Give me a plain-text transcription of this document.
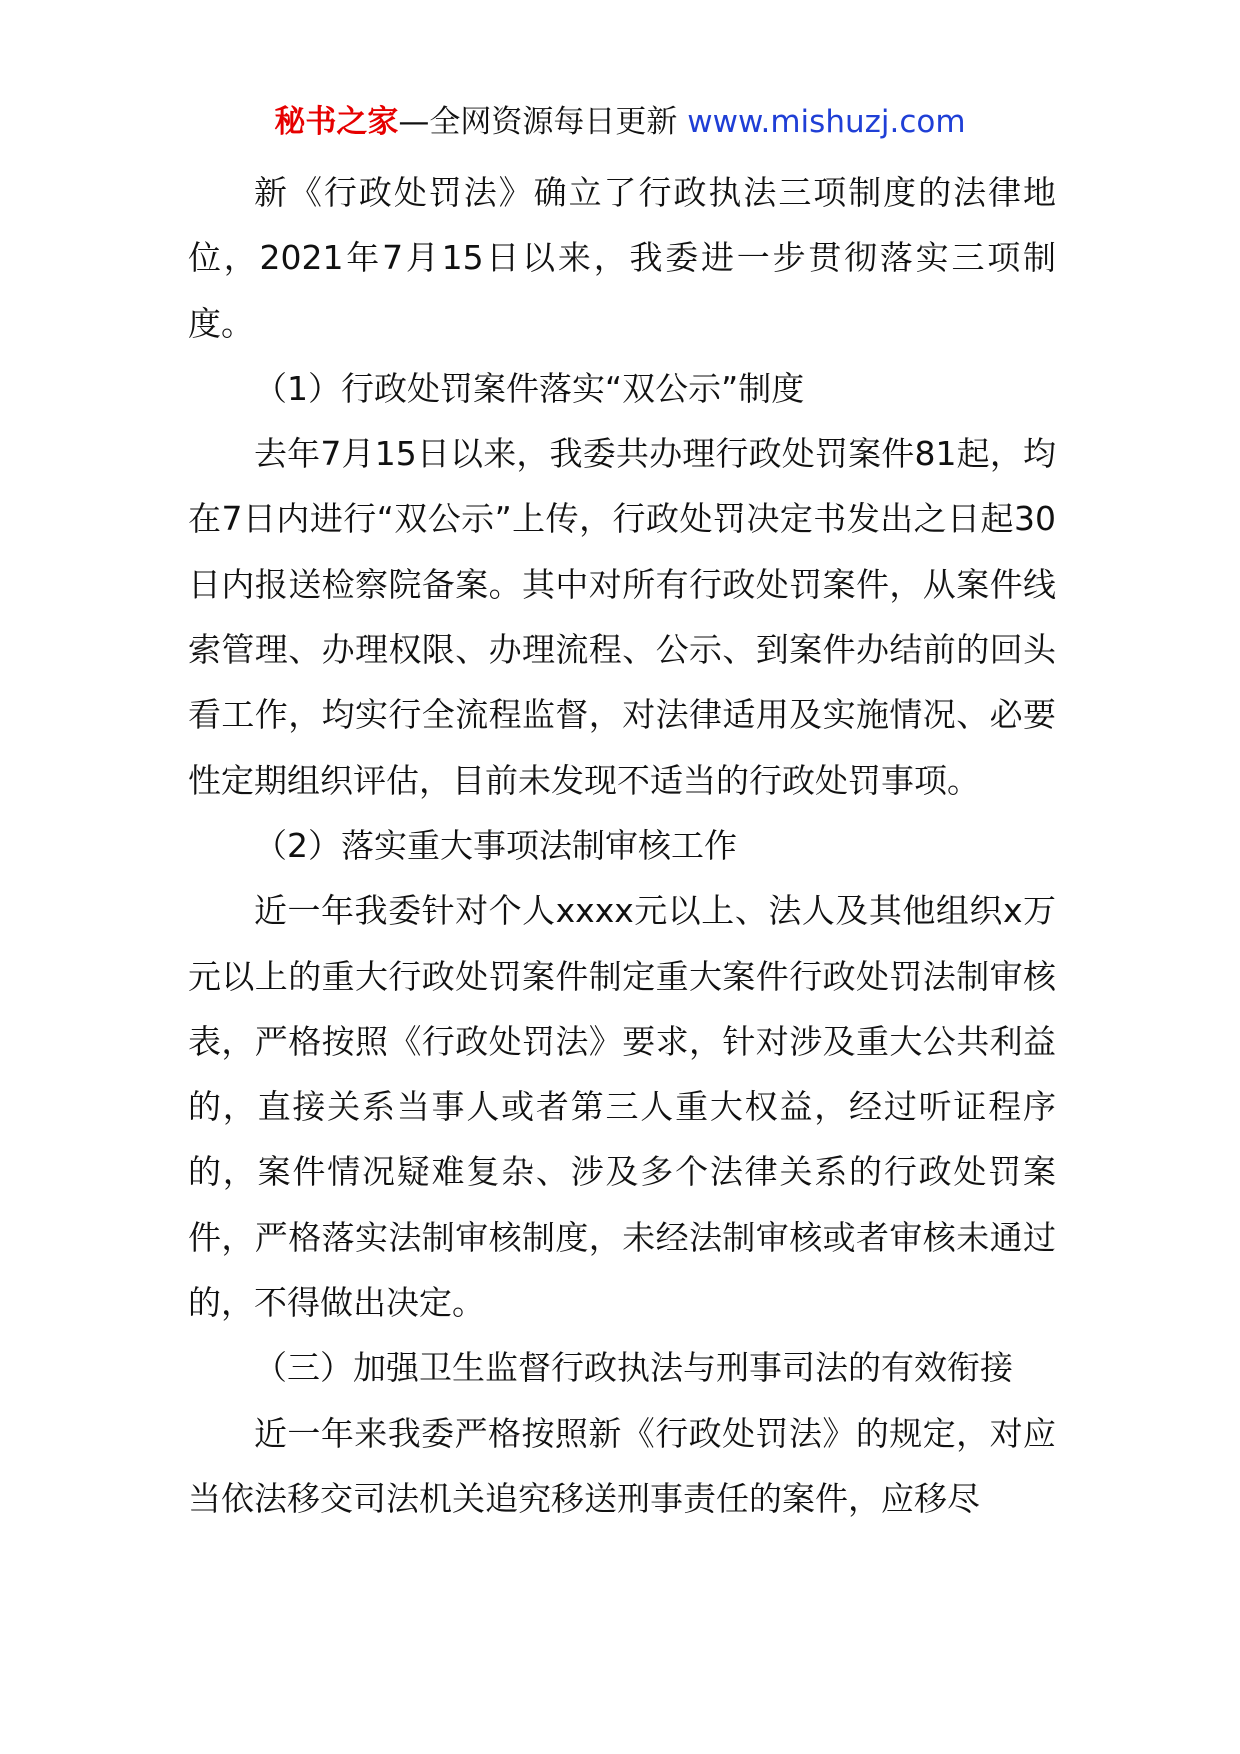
秘书之家—全网资源每日更新 www.mishuzj.com

新《行政处罚法》确立了行政执法三项制度的法律地位，2021年7月15日以来，我委进一步贯彻落实三项制度。

（1）行政处罚案件落实“双公示”制度

去年7月15日以来，我委共办理行政处罚案件81起，均在7日内进行“双公示”上传，行政处罚决定书发出之日起30日内报送检察院备案。其中对所有行政处罚案件，从案件线索管理、办理权限、办理流程、公示、到案件办结前的回头看工作，均实行全流程监督，对法律适用及实施情况、必要性定期组织评估，目前未发现不适当的行政处罚事项。

（2）落实重大事项法制审核工作

近一年我委针对个人xxxx元以上、法人及其他组织x万元以上的重大行政处罚案件制定重大案件行政处罚法制审核表，严格按照《行政处罚法》要求，针对涉及重大公共利益的，直接关系当事人或者第三人重大权益，经过听证程序的，案件情况疑难复杂、涉及多个法律关系的行政处罚案件，严格落实法制审核制度，未经法制审核或者审核未通过的，不得做出决定。

（三）加强卫生监督行政执法与刑事司法的有效衔接

近一年来我委严格按照新《行政处罚法》的规定，对应当依法移交司法机关追究移送刑事责任的案件，应移尽
